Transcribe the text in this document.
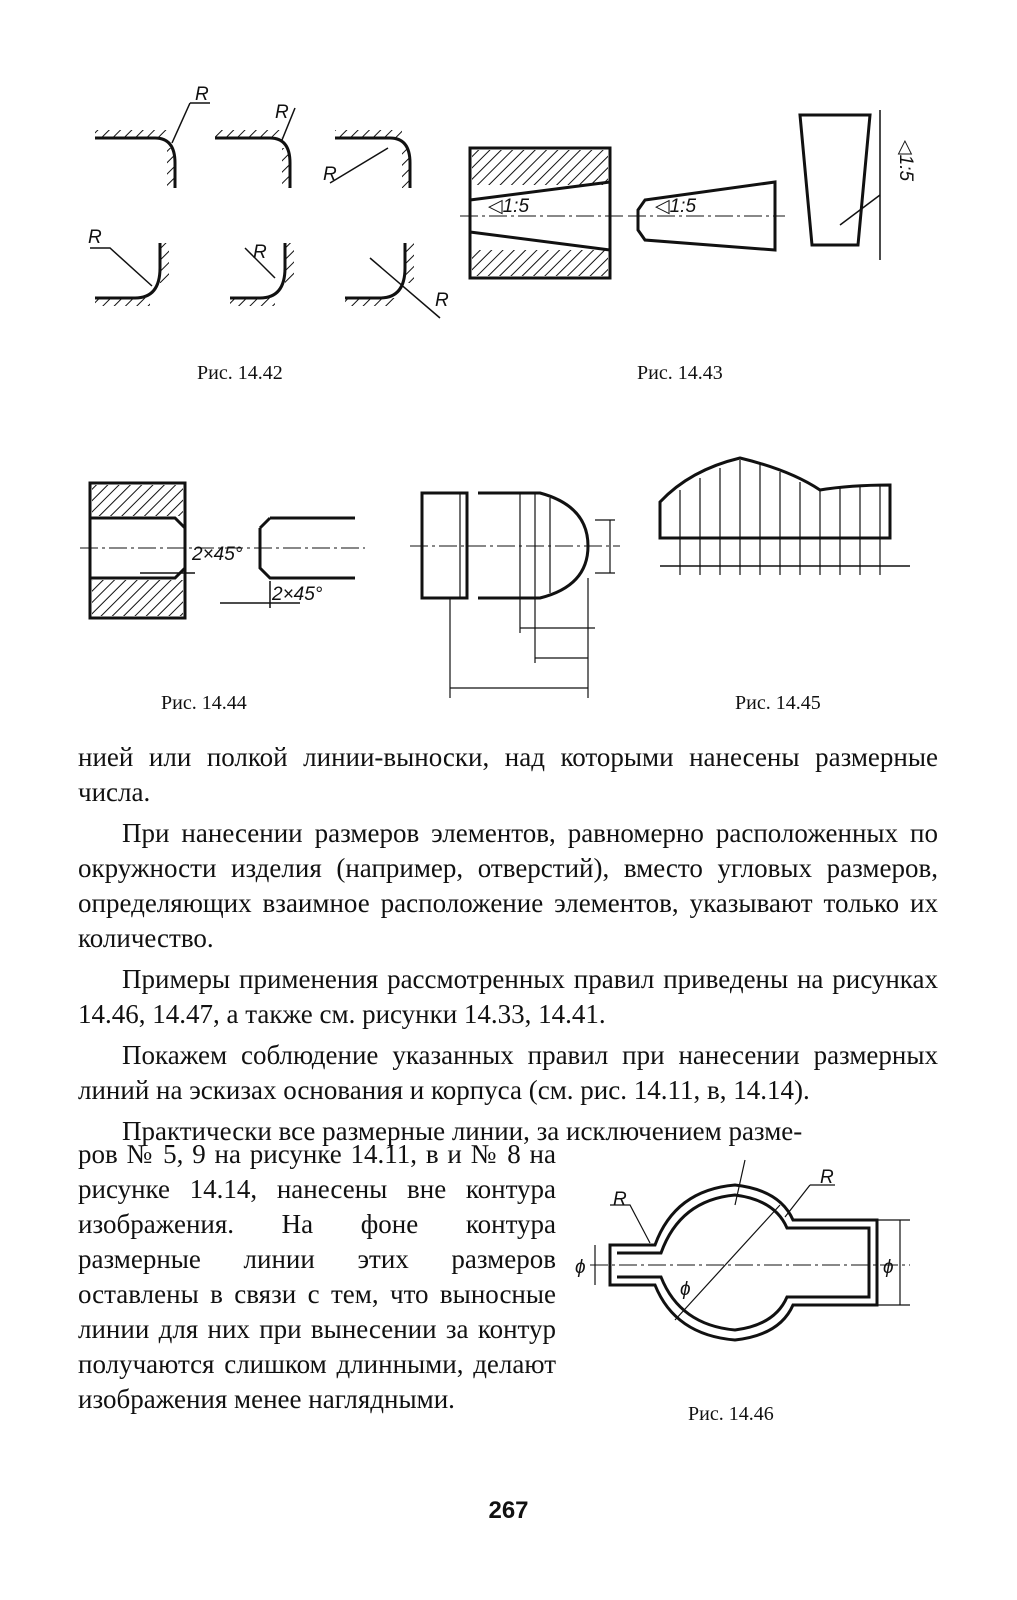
R
R
R
R
R
R
Рис. 14.42
◁1:5	◁1:5
◁1:5
Рис. 14.43
2×45°
2×45°
Рис. 14.44	Рис. 14.45

нией или полкой линии-выноски, над которыми нанесены размерные числа.

При нанесении размеров элементов, равномерно расположенных по окружности изделия (например, отверстий), вместо угловых размеров, определяющих взаимное расположение элементов, указывают только их количество.

Примеры применения рассмотренных правил приведены на рисунках 14.46, 14.47, а также см. рисунки 14.33, 14.41.

Покажем соблюдение указанных правил при нанесении размерных линий на эскизах основания и корпуса (см. рис. 14.11, в, 14.14).

Практически все размерные линии, за исключением разме-

ров № 5, 9 на рисунке 14.11, в и № 8 на рисунке 14.14, нанесены вне контура изображения. На фоне контура размерные линии этих размеров оставлены в связи с тем, что выносные линии для них при вынесении за контур получаются слишком длинными, делают изображения менее наглядными.

R
R
ϕ
ϕ
ϕ
Рис. 14.46
267
